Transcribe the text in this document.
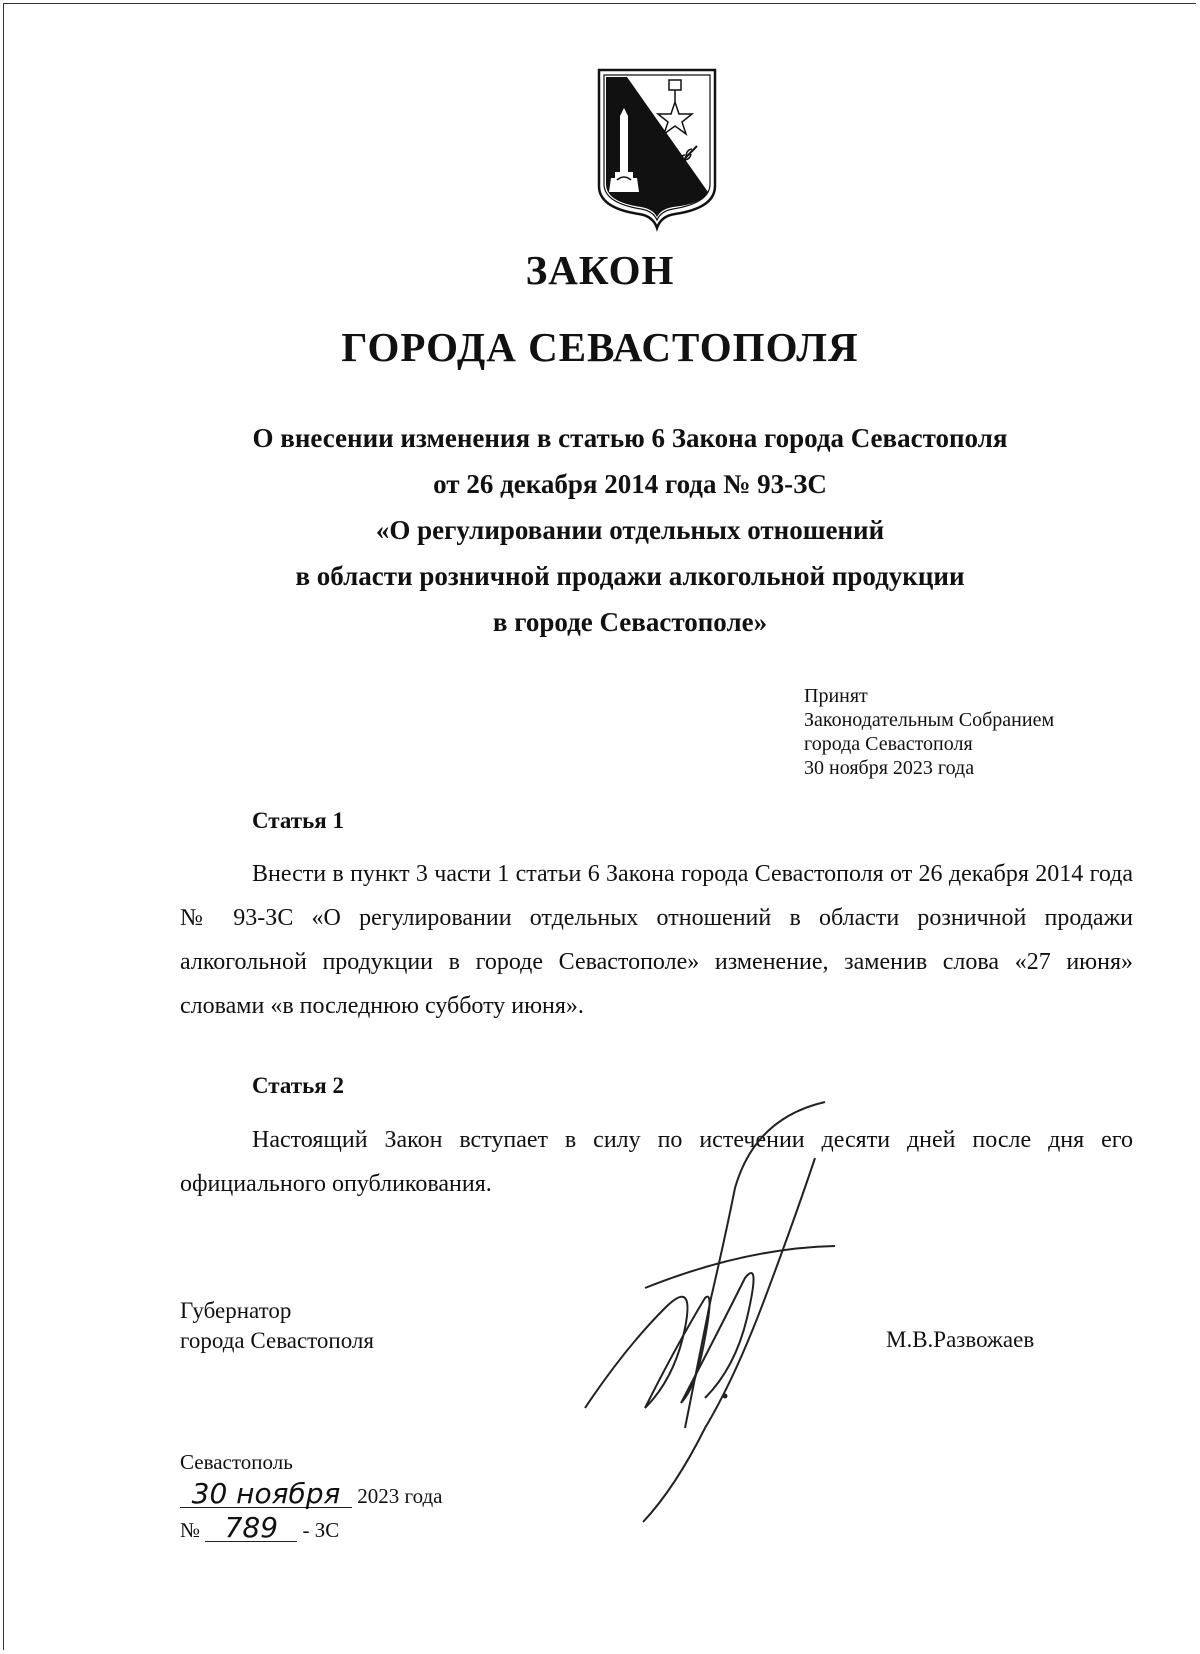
ЗАКОН
ГОРОДА СЕВАСТОПОЛЯ
О внесении изменения в статью 6 Закона города Севастополя
от 26 декабря 2014 года № 93-ЗС
«О регулировании отдельных отношений
в области розничной продажи алкогольной продукции
в городе Севастополе»
Принят
Законодательным Собранием
города Севастополя
30 ноября 2023 года
Статья 1
Внести в пункт 3 части 1 статьи 6 Закона города Севастополя от 26 декабря 2014 года № 93-ЗС «О регулировании отдельных отношений в области розничной продажи алкогольной продукции в городе Севастополе» изменение, заменив слова «27 июня» словами «в последнюю субботу июня».
Статья 2
Настоящий Закон вступает в силу по истечении десяти дней после дня его официального опубликования.
Губернатор
города Севастополя	М.В.Развожаев
Севастополь
30 ноября 2023 года
№ 789 - ЗС
